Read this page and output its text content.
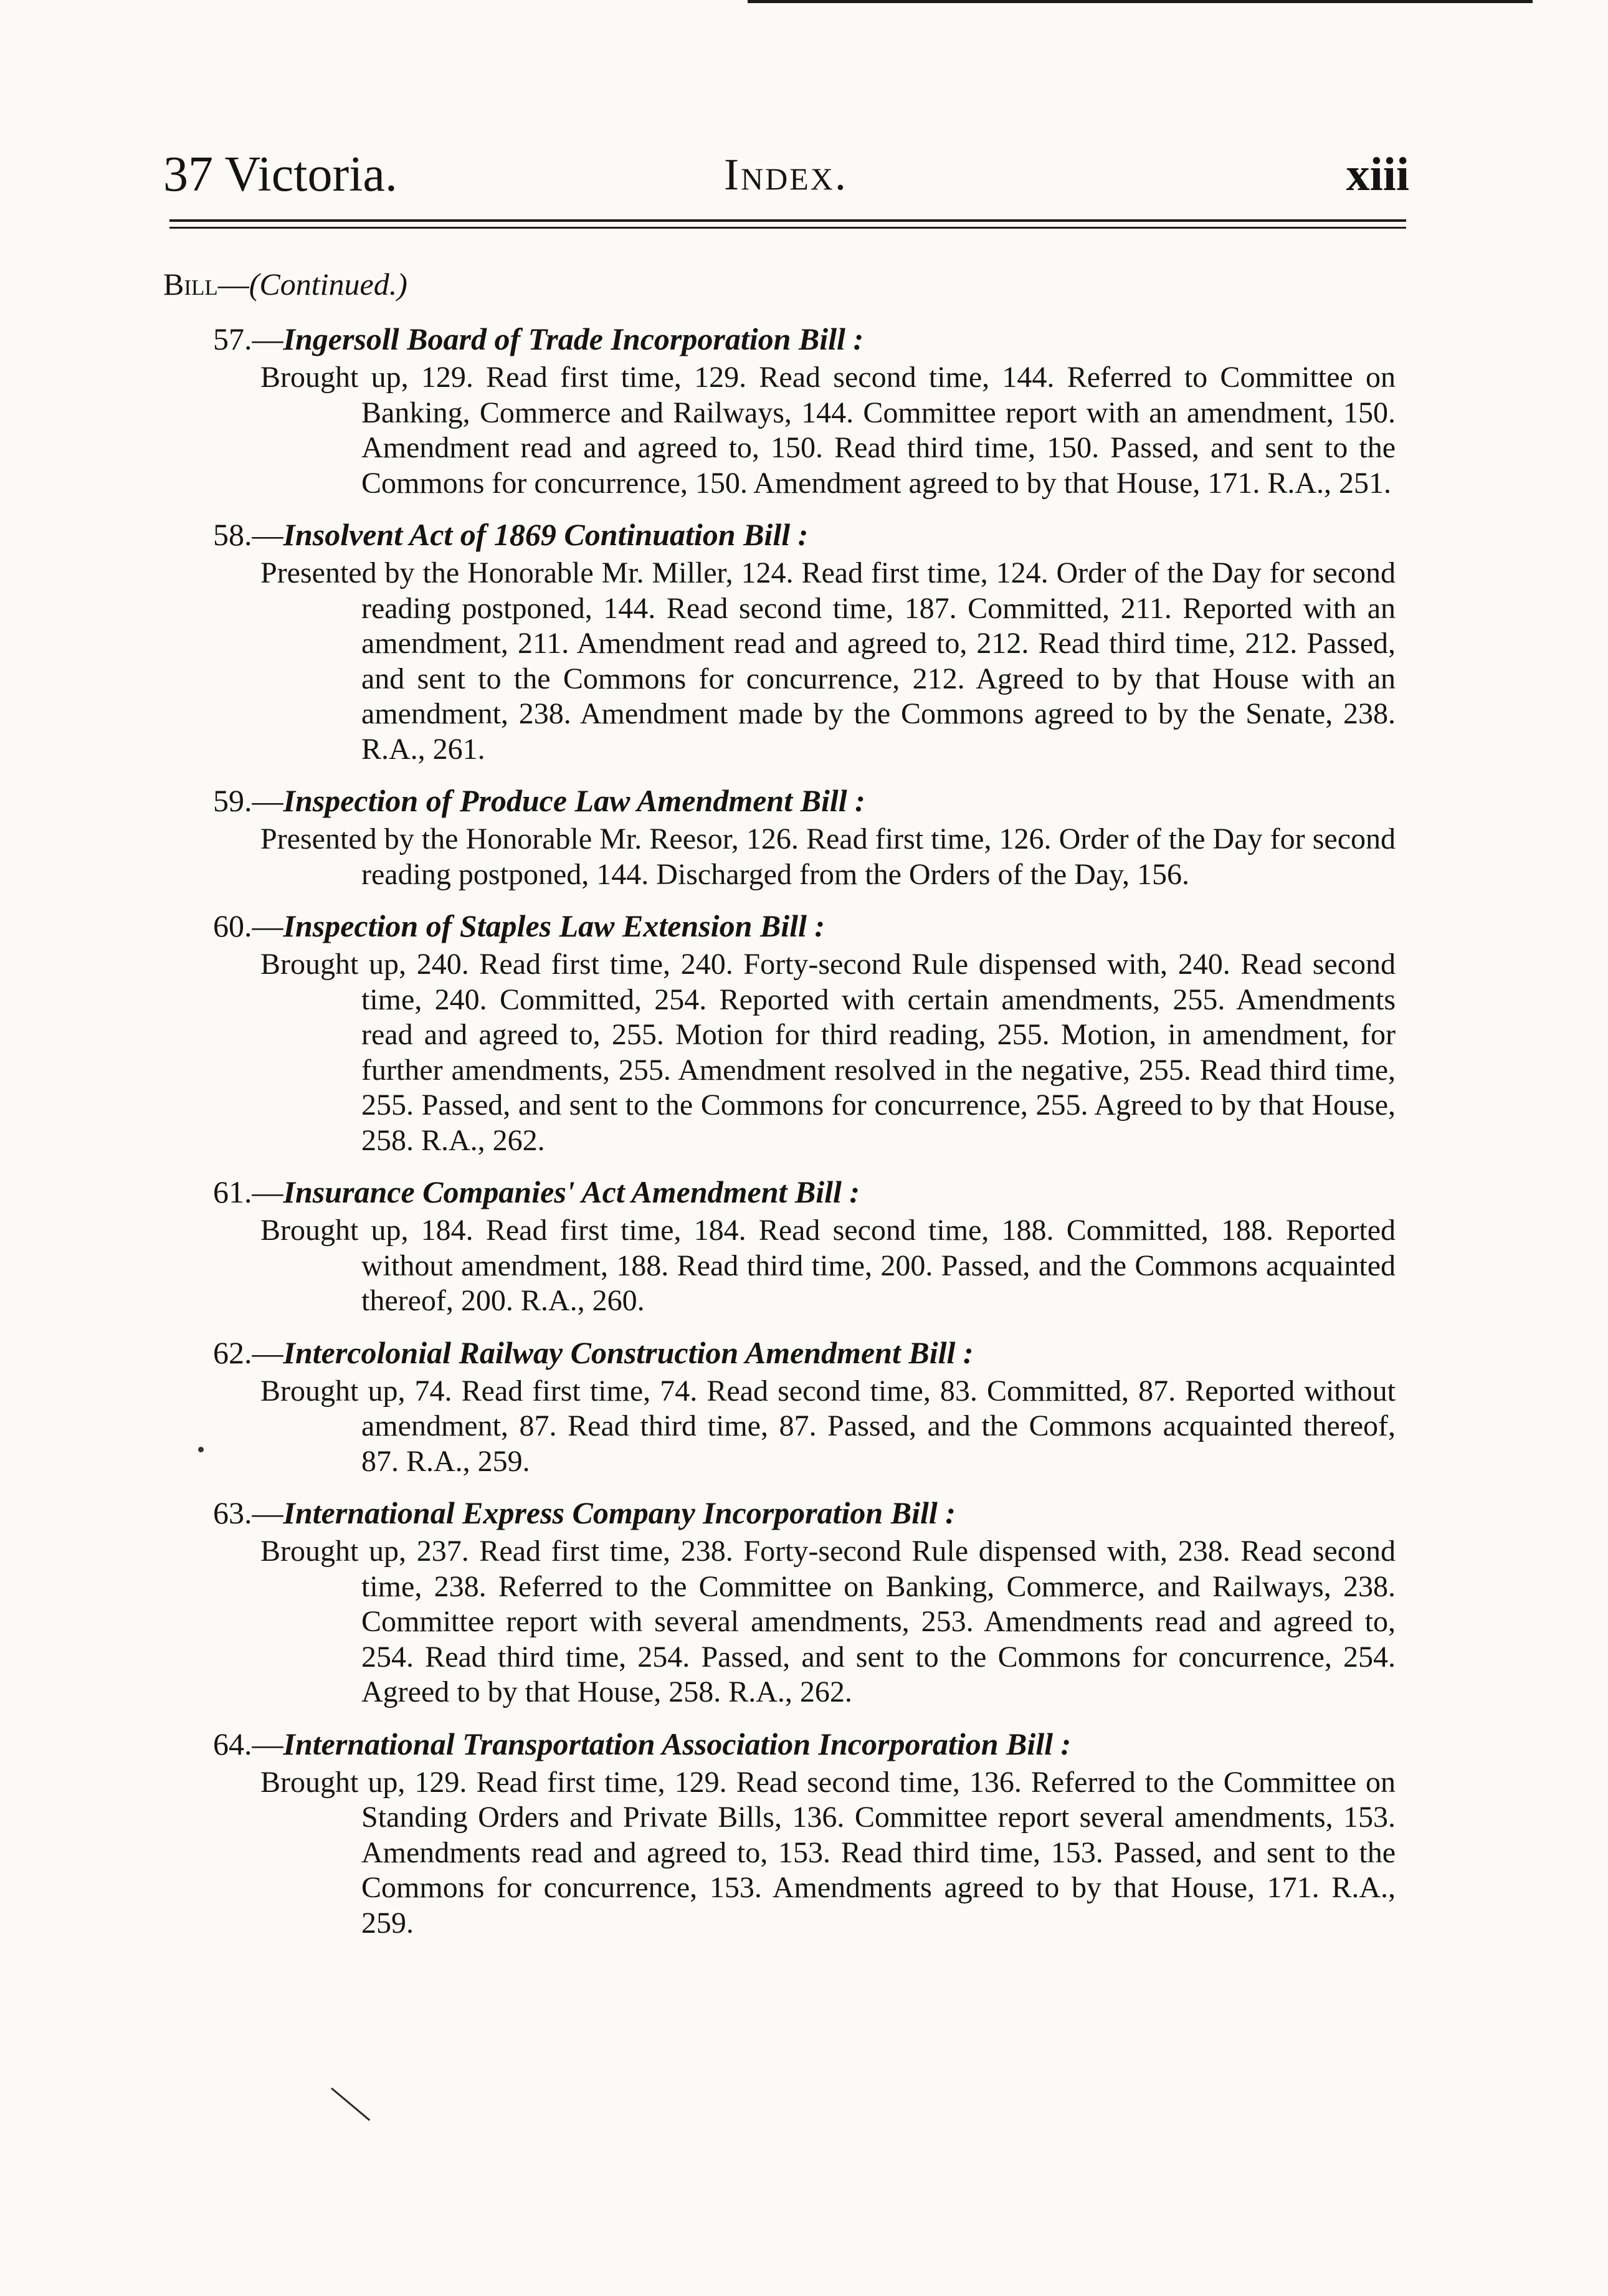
37 Victoria.	Index.	xiii
Bill—(Continued.)
57.—Ingersoll Board of Trade Incorporation Bill :
Brought up, 129. Read first time, 129. Read second time, 144. Referred to Committee on Banking, Commerce and Railways, 144. Committee report with an amendment, 150. Amendment read and agreed to, 150. Read third time, 150. Passed, and sent to the Commons for concurrence, 150. Amendment agreed to by that House, 171. R.A., 251.
58.—Insolvent Act of 1869 Continuation Bill :
Presented by the Honorable Mr. Miller, 124. Read first time, 124. Order of the Day for second reading postponed, 144. Read second time, 187. Committed, 211. Reported with an amendment, 211. Amendment read and agreed to, 212. Read third time, 212. Passed, and sent to the Commons for concurrence, 212. Agreed to by that House with an amendment, 238. Amendment made by the Commons agreed to by the Senate, 238. R.A., 261.
59.—Inspection of Produce Law Amendment Bill :
Presented by the Honorable Mr. Reesor, 126. Read first time, 126. Order of the Day for second reading postponed, 144. Discharged from the Orders of the Day, 156.
60.—Inspection of Staples Law Extension Bill :
Brought up, 240. Read first time, 240. Forty-second Rule dispensed with, 240. Read second time, 240. Committed, 254. Reported with certain amendments, 255. Amendments read and agreed to, 255. Motion for third reading, 255. Motion, in amendment, for further amendments, 255. Amendment resolved in the negative, 255. Read third time, 255. Passed, and sent to the Commons for concurrence, 255. Agreed to by that House, 258. R.A., 262.
61.—Insurance Companies' Act Amendment Bill :
Brought up, 184. Read first time, 184. Read second time, 188. Committed, 188. Reported without amendment, 188. Read third time, 200. Passed, and the Commons acquainted thereof, 200. R.A., 260.
62.—Intercolonial Railway Construction Amendment Bill :
Brought up, 74. Read first time, 74. Read second time, 83. Committed, 87. Reported without amendment, 87. Read third time, 87. Passed, and the Commons acquainted thereof, 87. R.A., 259.
63.—International Express Company Incorporation Bill :
Brought up, 237. Read first time, 238. Forty-second Rule dispensed with, 238. Read second time, 238. Referred to the Committee on Banking, Commerce, and Railways, 238. Committee report with several amendments, 253. Amendments read and agreed to, 254. Read third time, 254. Passed, and sent to the Commons for concurrence, 254. Agreed to by that House, 258. R.A., 262.
64.—International Transportation Association Incorporation Bill :
Brought up, 129. Read first time, 129. Read second time, 136. Referred to the Committee on Standing Orders and Private Bills, 136. Committee report several amendments, 153. Amendments read and agreed to, 153. Read third time, 153. Passed, and sent to the Commons for concurrence, 153. Amendments agreed to by that House, 171. R.A., 259.
